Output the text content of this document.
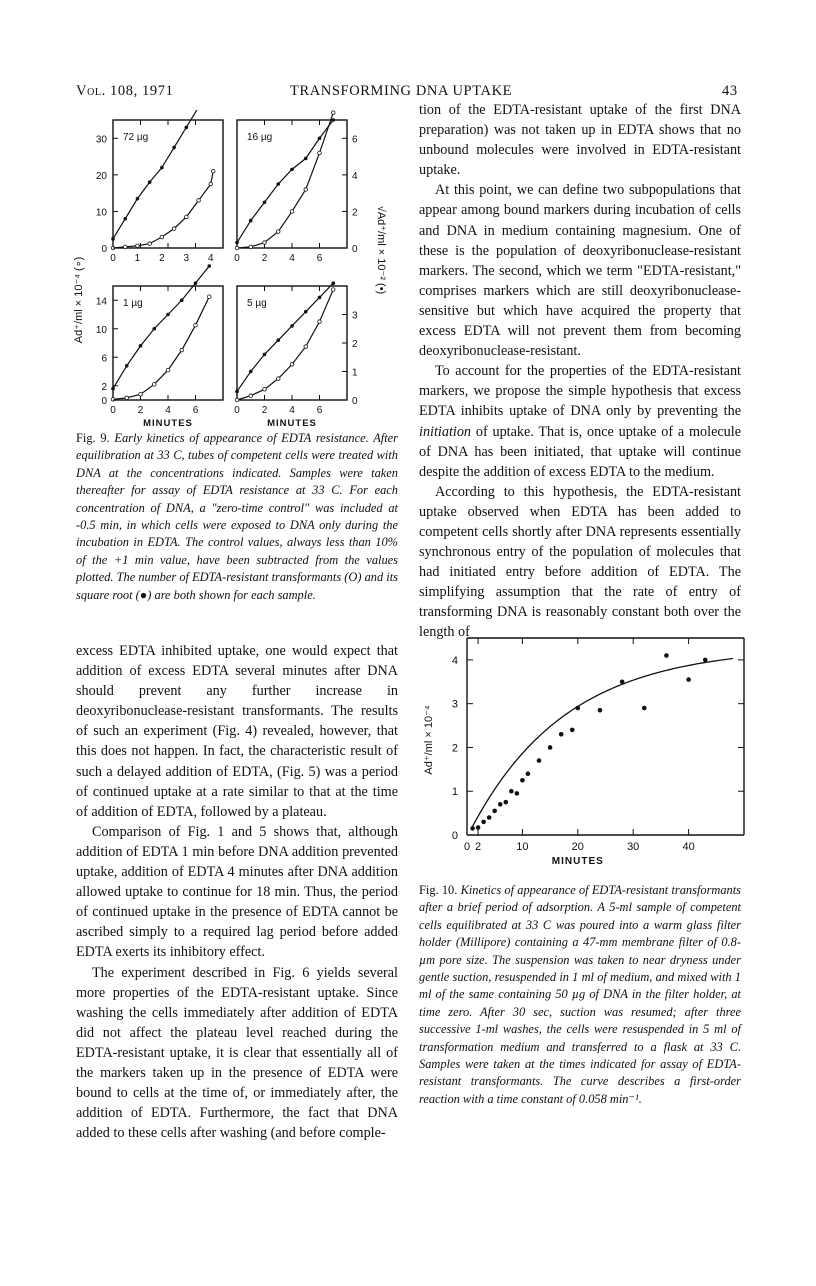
Vol. 108, 1971	TRANSFORMING DNA UPTAKE	43
0 1 2 3 4
72 µg
0 2 4 6
16 µg
0 2 4 6
1 µg
0 2 4 6
5 µg
30
20
10
0
14
10
6
2
0
6
4
2
0
3
2
1
0
Ad⁺/ml × 10⁻⁴ (∘)
√Ad⁺/ml × 10⁻² (•)
MINUTES	MINUTES
Fig. 9. Early kinetics of appearance of EDTA resistance. After equilibration at 33 C, tubes of competent cells were treated with DNA at the concentrations indicated. Samples were taken thereafter for assay of EDTA resistance at 33 C. For each concentration of DNA, a "zero-time control" was included at -0.5 min, in which cells were exposed to DNA only during the incubation in EDTA. The control values, always less than 10% of the +1 min value, have been subtracted from the values plotted. The number of EDTA-resistant transformants (O) and its square root (●) are both shown for each sample.

excess EDTA inhibited uptake, one would expect that addition of excess EDTA several minutes after DNA should prevent any further increase in deoxyribonuclease-resistant transformants. The results of such an experiment (Fig. 4) revealed, however, that this does not happen. In fact, the characteristic result of such a delayed addition of EDTA, (Fig. 5) was a period of continued uptake at a rate similar to that at the time of addition of EDTA, followed by a plateau.

Comparison of Fig. 1 and 5 shows that, although addition of EDTA 1 min before DNA addition prevented uptake, addition of EDTA 4 minutes after DNA addition allowed uptake to continue for 18 min. Thus, the period of continued uptake in the presence of EDTA cannot be ascribed simply to a required lag period before added EDTA exerts its inhibitory effect.

The experiment described in Fig. 6 yields several more properties of the EDTA-resistant uptake. Since washing the cells immediately after addition of EDTA did not affect the plateau level reached during the EDTA-resistant uptake, it is clear that essentially all of the markers taken up in the presence of EDTA were bound to cells at the time of, or immediately after, the addition of EDTA. Furthermore, the fact that DNA added to these cells after washing (and before comple-

tion of the EDTA-resistant uptake of the first DNA preparation) was not taken up in EDTA shows that no unbound molecules were involved in EDTA-resistant uptake.

At this point, we can define two subpopulations that appear among bound markers during incubation of cells and DNA in medium containing magnesium. One of these is the population of deoxyribonuclease-resistant markers. The second, which we term "EDTA-resistant," comprises markers which are still deoxyribonuclease-sensitive but which have acquired the property that excess EDTA will not prevent them from becoming deoxyribonuclease-resistant.

To account for the properties of the EDTA-resistant markers, we propose the simple hypothesis that excess EDTA inhibits uptake of DNA only by preventing the initiation of uptake. That is, once uptake of a molecule of DNA has been initiated, that uptake will continue despite the addition of excess EDTA to the medium.

According to this hypothesis, the EDTA-resistant uptake observed when EDTA has been added to competent cells shortly after DNA represents essentially synchronous entry of the population of molecules that had initiated entry before addition of EDTA. The simplifying assumption that the rate of entry of transforming DNA is reasonably constant both over the length of

0 2	10	20	30	40
4
3
2
1
0
Ad⁺/ml × 10⁻⁴
MINUTES
Fig. 10. Kinetics of appearance of EDTA-resistant transformants after a brief period of adsorption. A 5-ml sample of competent cells equilibrated at 33 C was poured into a warm glass filter holder (Millipore) containing a 47-mm membrane filter of 0.8-µm pore size. The suspension was taken to near dryness under gentle suction, resuspended in 1 ml of medium, and mixed with 1 ml of the same containing 50 µg of DNA in the filter holder, at time zero. After 30 sec, suction was resumed; after three successive 1-ml washes, the cells were resuspended in 5 ml of transformation medium and transferred to a flask at 33 C. Samples were taken at the times indicated for assay of EDTA-resistant transformants. The curve describes a first-order reaction with a time constant of 0.058 min⁻¹.
